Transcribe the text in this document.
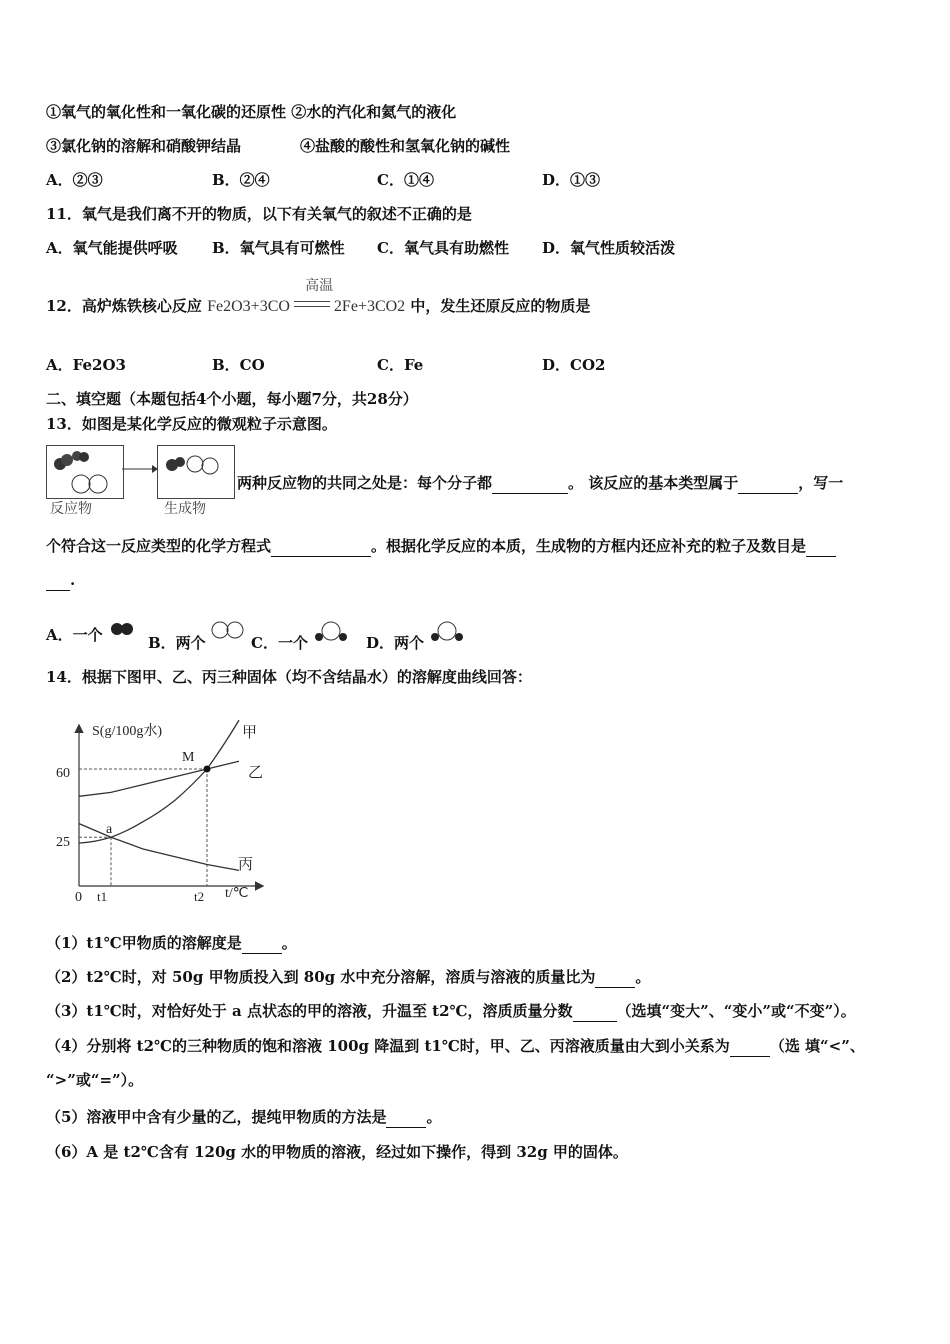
①氧气的氧化性和一氧化碳的还原性 ②水的汽化和氦气的液化
③氯化钠的溶解和硝酸钾结晶	④盐酸的酸性和氢氧化钠的碱性
A．②③	B．②④	C．①④	D．①③
11．氧气是我们离不开的物质，以下有关氧气的叙述不正确的是
A．氧气能提供呼吸 B．氧气具有可燃性 C．氧气具有助燃性 D．氧气性质较活泼
12．高炉炼铁核心反应 Fe2O3+3CO
高温
2Fe+3CO2 中，发生还原反应的物质是
A．Fe2O3	B．CO	C．Fe	D．CO2
二、填空题（本题包括4个小题，每小题7分，共28分）
13．如图是某化学反应的微观粒子示意图。
反应物	生成物
两种反应物的共同之处是：每个分子都	。 该反应的基本类型属于	，写一
个符合这一反应类型的化学方程式	。根据化学反应的本质，生成物的方框内还应补充的粒子及数目是
.
A．一个	B．两个	C．一个	D．两个
14．根据下图甲、乙、丙三种固体（均不含结晶水）的溶解度曲线回答：
S(g/100g水)
t/℃
60
25
0 t1	t2
M
a
甲
乙
丙
（1）t1℃甲物质的溶解度是	。
（2）t2℃时，对 50g 甲物质投入到 80g 水中充分溶解，溶质与溶液的质量比为	。
（3）t1℃时，对恰好处于 a 点状态的甲的溶液，升温至 t2℃，溶质质量分数	（选填“变大”、“变小”或“不变”）。
（4）分别将 t2℃的三种物质的饱和溶液 100g 降温到 t1℃时，甲、乙、丙溶液质量由大到小关系为	（选 填“<”、
“>”或“=”）。
（5）溶液甲中含有少量的乙，提纯甲物质的方法是	。
（6）A 是 t2℃含有 120g 水的甲物质的溶液，经过如下操作，得到 32g 甲的固体。
